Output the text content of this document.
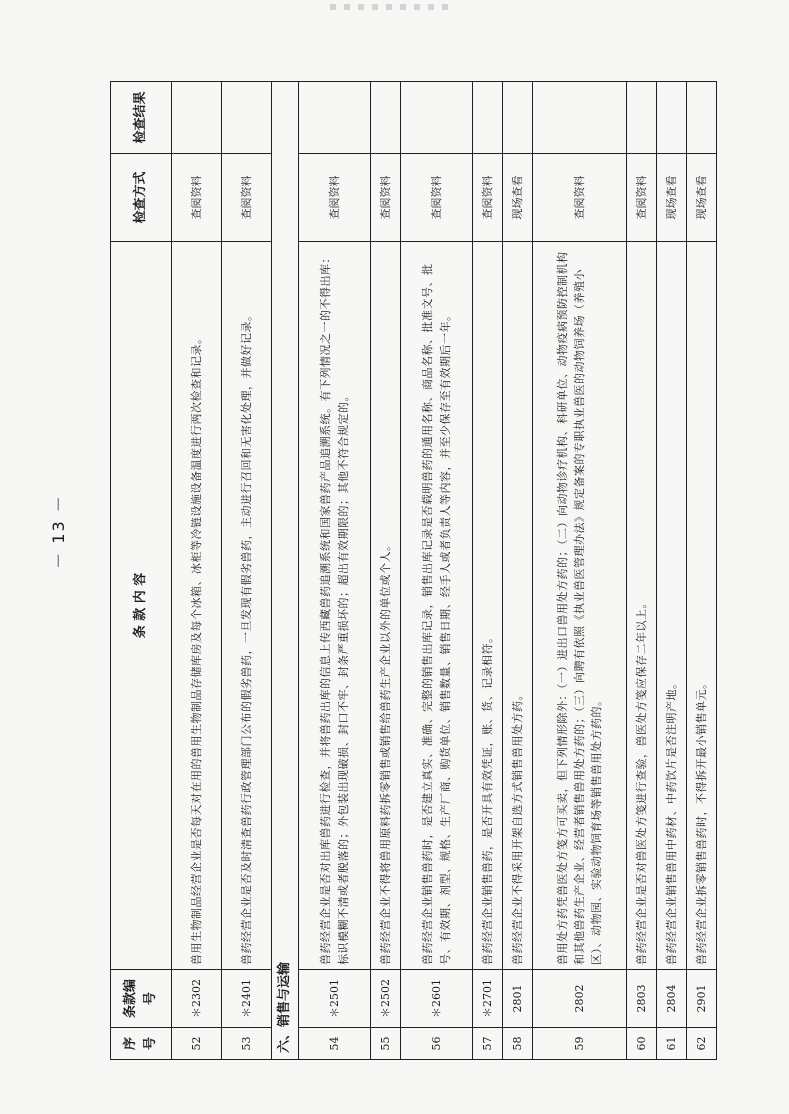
序号	条款编号	条 款 内 容	检查方式	检查结果
52	＊2302	兽用生物制品经营企业是否每天对在用的兽用生物制品存储库房及每个冰箱、冰柜等冷链设施设备温度进行两次检查和记录。	查阅资料	
53	＊2401	兽药经营企业是否及时清查兽药行政管理部门公布的假劣兽药，一旦发现有假劣兽药，主动进行召回和无害化处理，并做好记录。	查阅资料	
六、销售与运输				
54	＊2501	兽药经营企业是否对出库兽药进行检查，并将兽药出库的信息上传西藏兽药追溯系统和国家兽药产品追溯系统。有下列情况之一的不得出库：标识模糊不清或者脱落的；外包装出现破损、封口不牢、封条严重损坏的；超出有效期限的；其他不符合规定的。	查阅资料	
55	＊2502	兽药经营企业不得将兽用原料药拆零销售或销售给兽药生产企业以外的单位或个人。	查阅资料	
56	＊2601	兽药经营企业销售兽药时，是否建立真实、准确、完整的销售出库记录，销售出库记录是否载明兽药的通用名称、商品名称、批准文号、批号、有效期、剂型、规格、生产厂商、购货单位、销售数量、销售日期、经手人或者负责人等内容，并至少保存至有效期后一年。	查阅资料	
57	＊2701	兽药经营企业销售兽药，是否开具有效凭证，账、货、记录相符。	查阅资料	
58	2801	兽药经营企业不得采用开架自选方式销售兽用处方药。	现场查看	
59	2802	兽用处方药凭兽医处方笺方可买卖，但下列情形除外：（一）进出口兽用处方药的；（二）向动物诊疗机构、科研单位、动物疫病预防控制机构和其他兽药生产企业、经营者销售兽用处方药的；（三）向聘有依照《执业兽医管理办法》规定备案的专职执业兽医的动物饲养场（养殖小区）、动物园、实验动物饲育场等销售兽用处方药的。	查阅资料	
60	2803	兽药经营企业是否对兽医处方笺进行查验，兽医处方笺应保存二年以上。	查阅资料	
61	2804	兽药经营企业销售兽用中药材、中药饮片是否注明产地。	现场查看	
62	2901	兽药经营企业拆零销售兽药时，不得拆开最小销售单元。	现场查看	
－ 13 －
